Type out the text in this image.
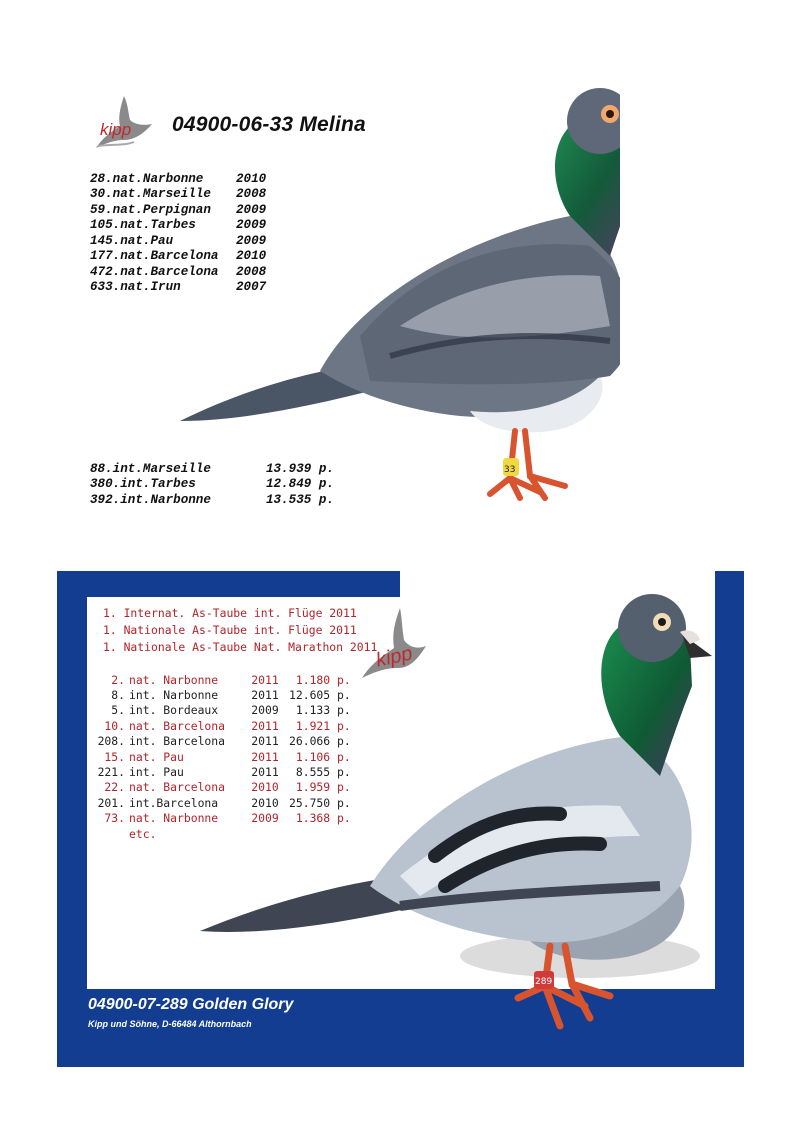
kipp 04900-06-33 Melina
28.nat.Narbonne	2010
30.nat.Marseille	2008
59.nat.Perpignan	2009
105.nat.Tarbes	2009
145.nat.Pau	2009
177.nat.Barcelona	2010
472.nat.Barcelona	2008
633.nat.Irun	2007
33
88.int.Marseille	13.939 p.
380.int.Tarbes	12.849 p.
392.int.Narbonne	13.535 p.
1. Internat. As-Taube int. Flüge 2011
1. Nationale As-Taube int. Flüge 2011
1. Nationale As-Taube Nat. Marathon 2011
kipp
2.	nat. Narbonne	2011	1.180 p.
8.	int. Narbonne	2011	12.605 p.
5.	int. Bordeaux	2009	1.133 p.
10.	nat. Barcelona	2011	1.921 p.
208.	int. Barcelona	2011	26.066 p.
15.	nat. Pau	2011	1.106 p.
221.	int. Pau	2011	8.555 p.
22.	nat. Barcelona	2010	1.959 p.
201.	int.Barcelona	2010	25.750 p.
73.	nat. Narbonne	2009	1.368 p.
	etc.		
289
04900-07-289 Golden Glory
Kipp und Söhne, D-66484 Althornbach
